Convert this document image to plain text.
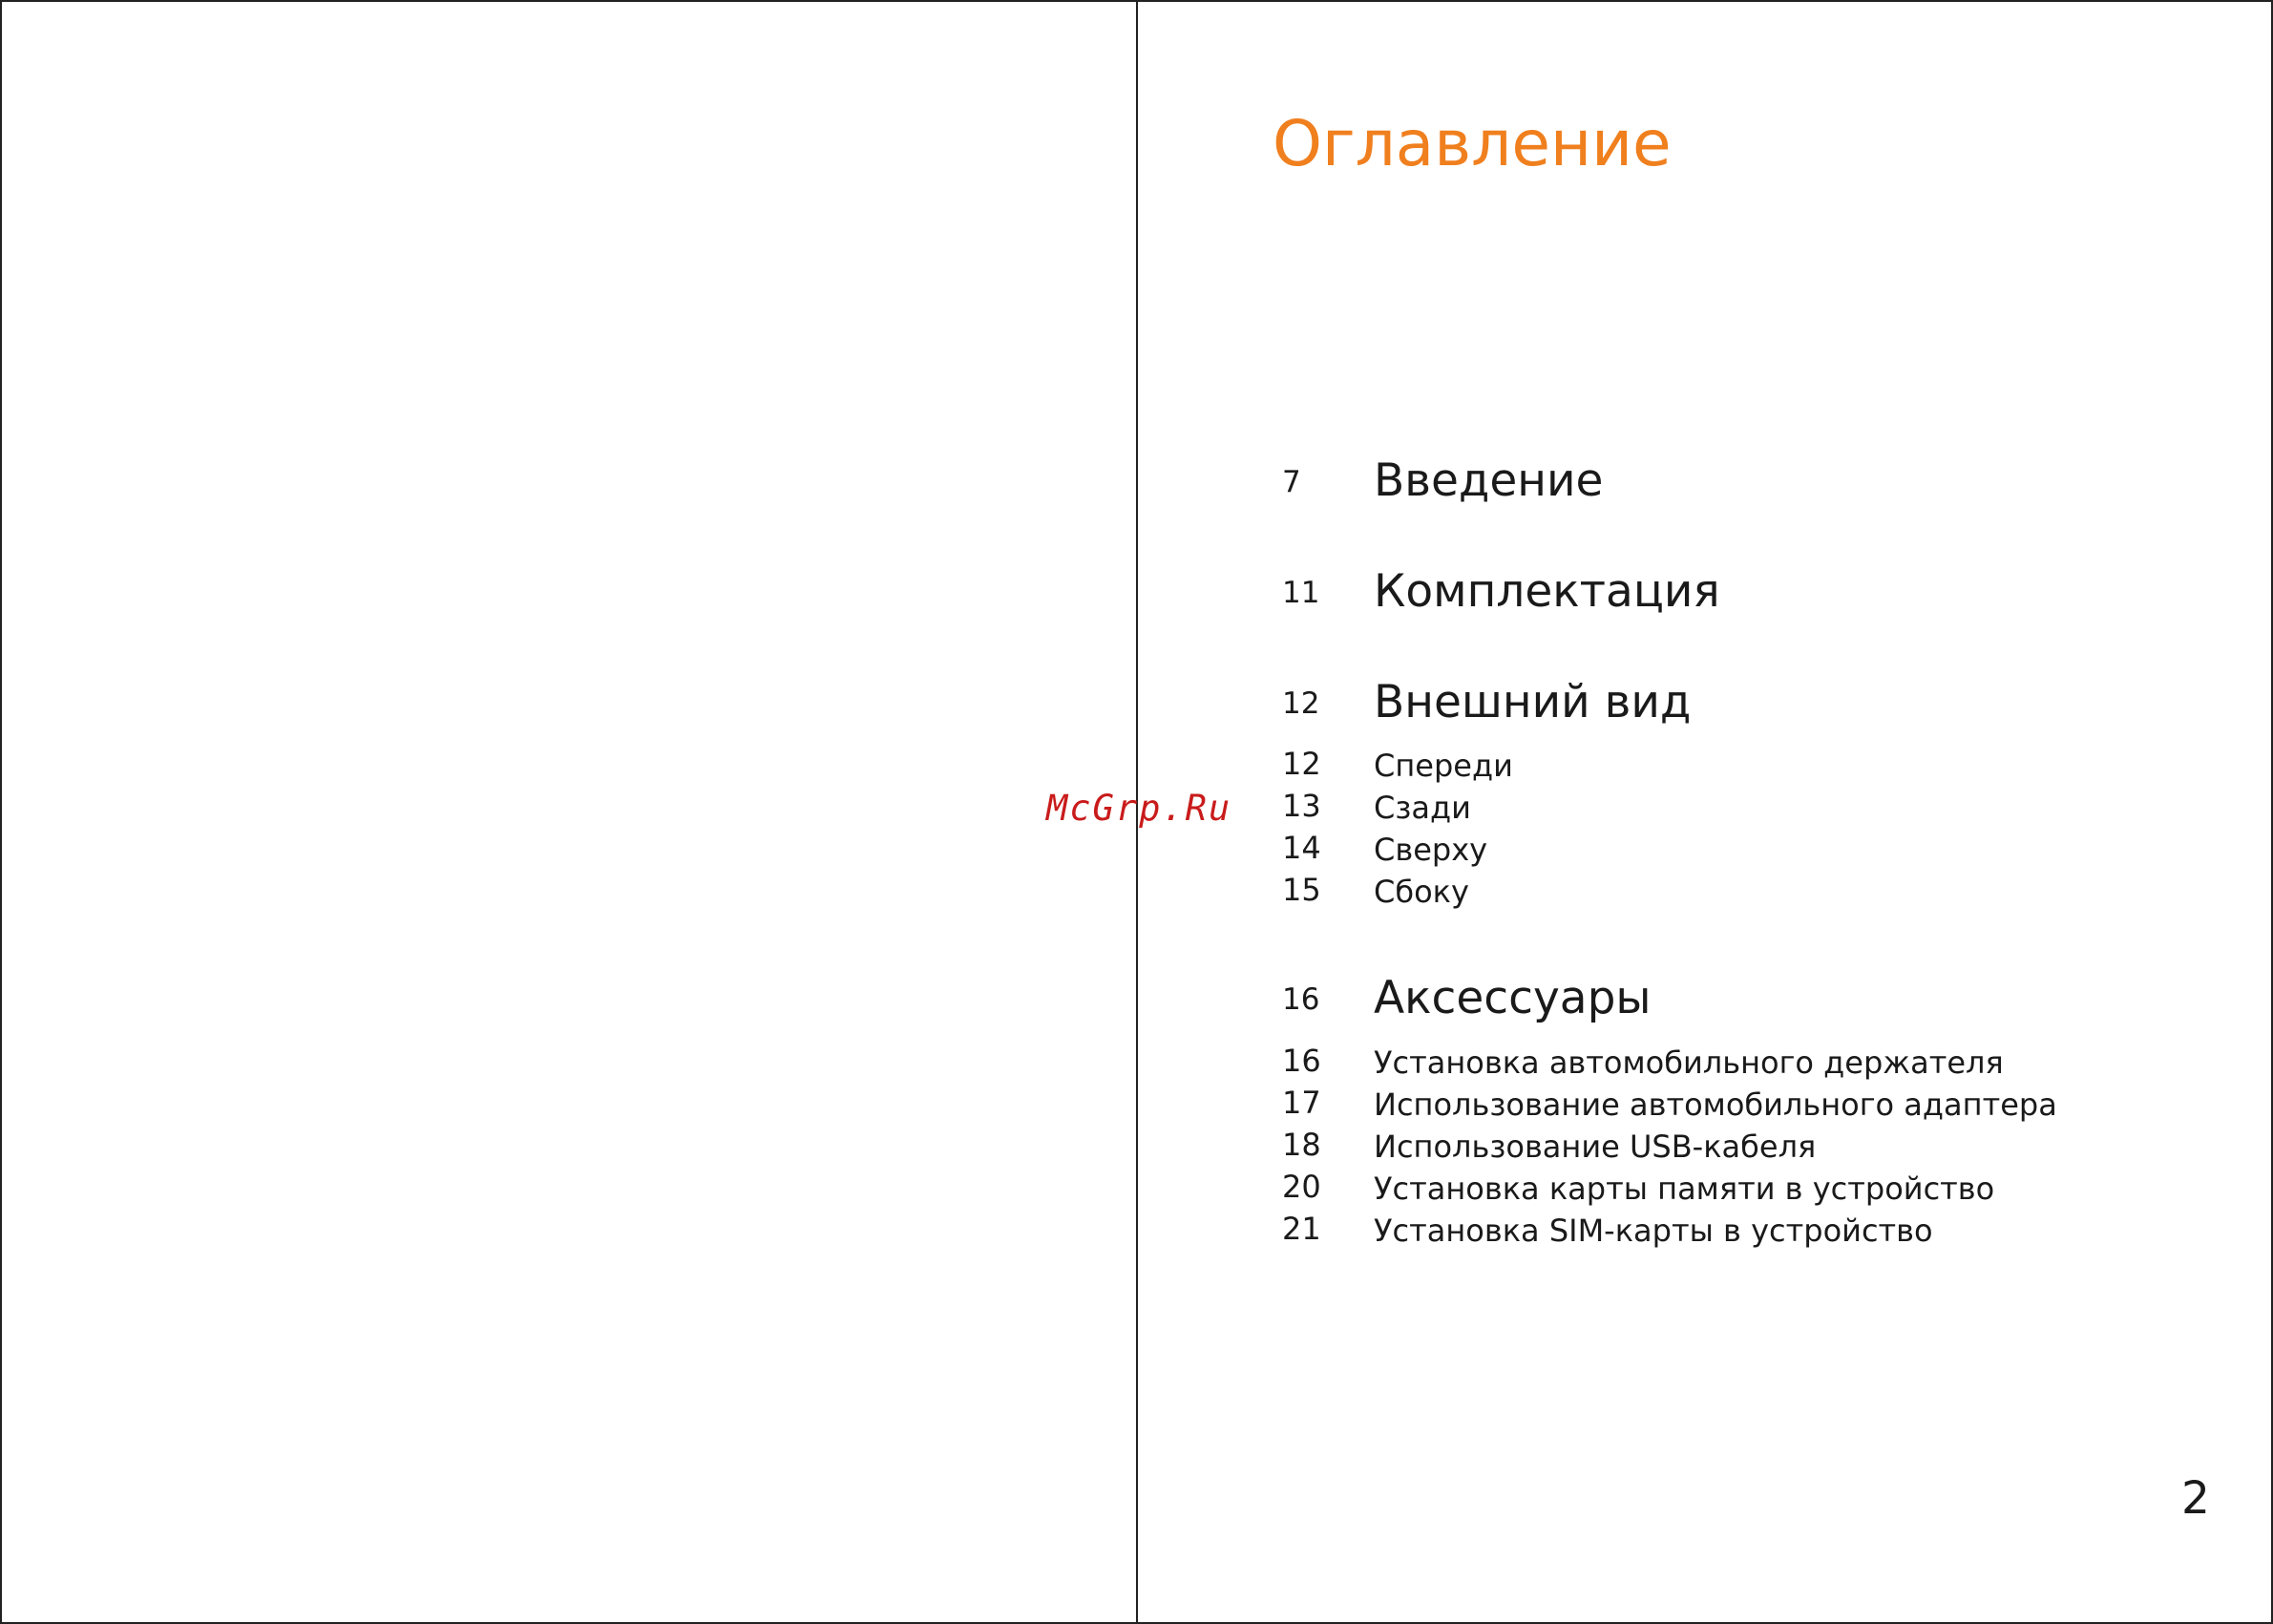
Оглавление
7 Введение
11 Комплектация
12 Внешний вид
12 Спереди
13 Сзади
14 Сверху
15 Сбоку
16 Аксессуары
16 Установка автомобильного держателя
17 Использование автомобильного адаптера
18 Использование USB-кабеля
20 Установка карты памяти в устройство
21 Установка SIM-карты в устройство
McGrp.Ru
2
